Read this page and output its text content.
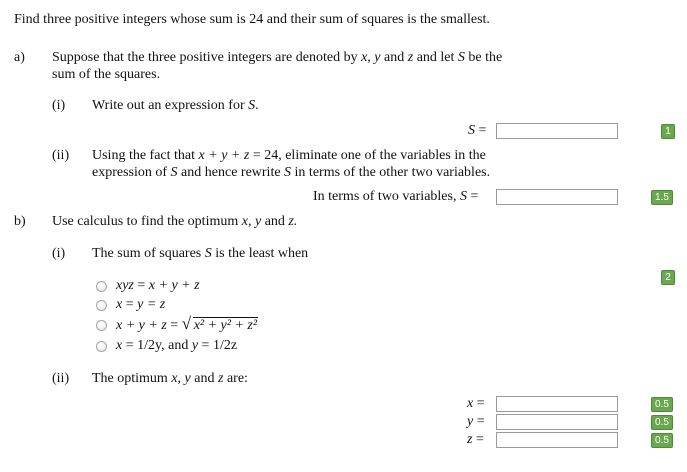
Find three positive integers whose sum is 24 and their sum of squares is the smallest.
a) Suppose that the three positive integers are denoted by x, y and z and let S be the
sum of the squares.
(i) Write out an expression for S.
S =	1
(ii) Using the fact that x + y + z = 24, eliminate one of the variables in the
expression of S and hence rewrite S in terms of the other two variables.
In terms of two variables, S =	1.5
b) Use calculus to find the optimum x, y and z.
(i) The sum of squares S is the least when
2
xyz = x + y + z
x = y = z
x + y + z = √ x² + y² + z²
x = 1/2y, and y = 1/2z
(ii) The optimum x, y and z are:
x =	0.5
y =	0.5
z =	0.5
